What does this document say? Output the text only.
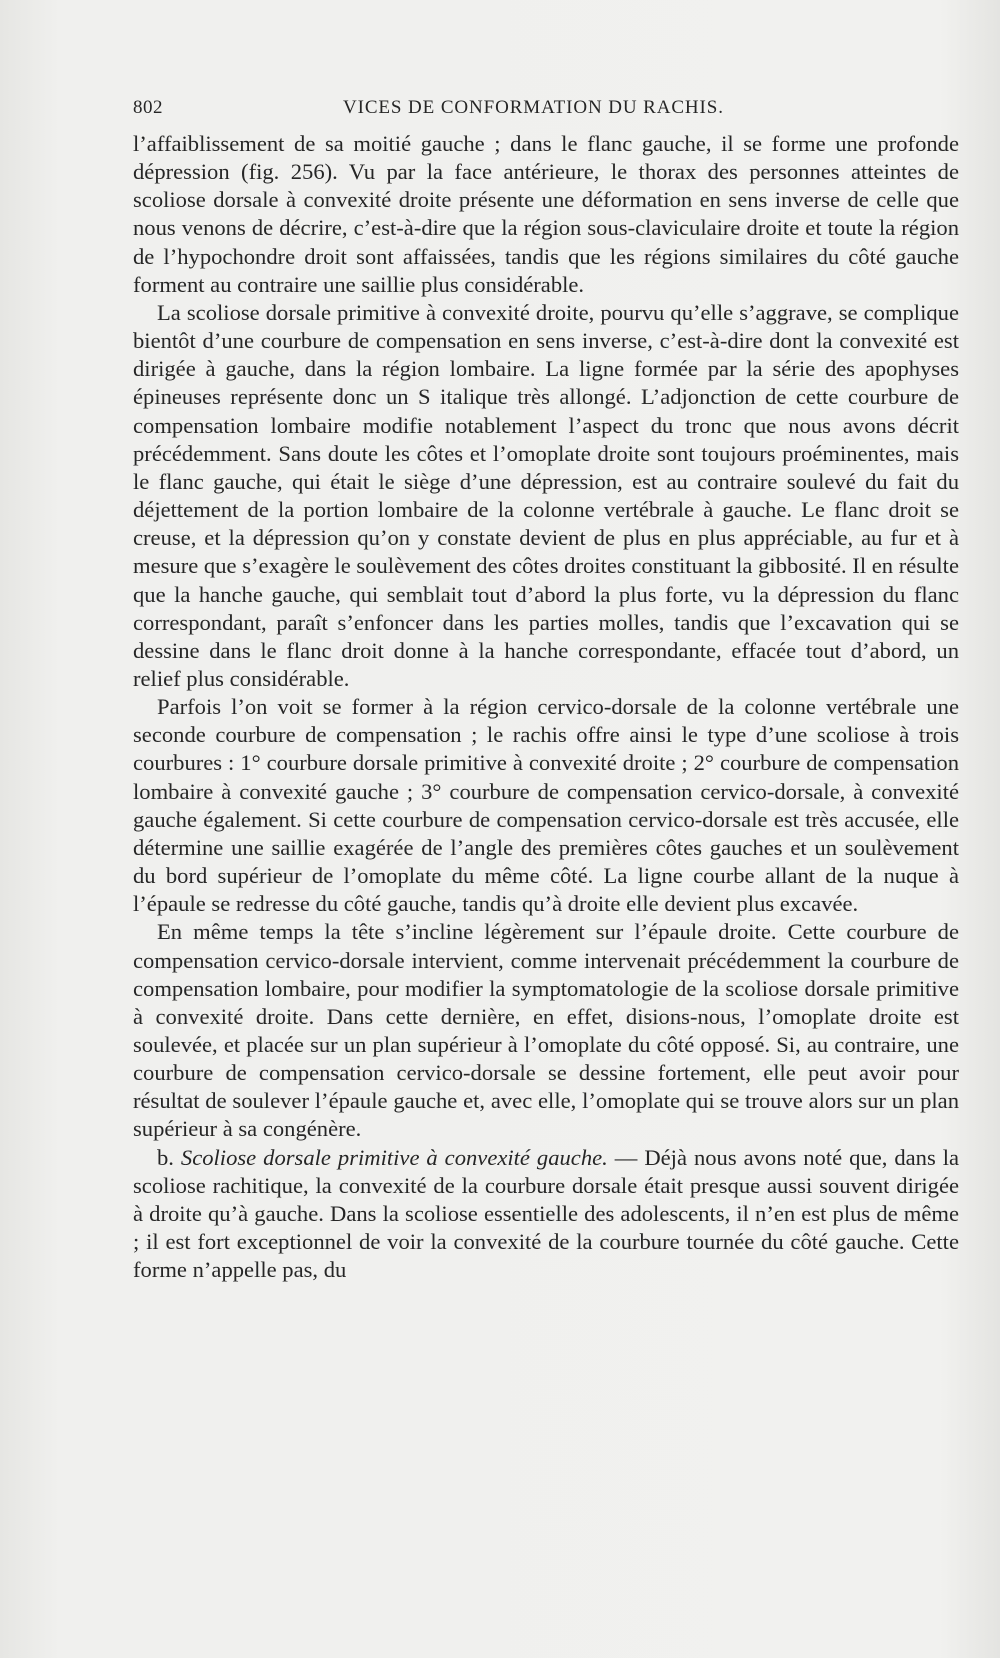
802	VICES DE CONFORMATION DU RACHIS.

l’affaiblissement de sa moitié gauche ; dans le flanc gauche, il se forme une profonde dépression (fig. 256). Vu par la face antérieure, le thorax des personnes atteintes de scoliose dorsale à convexité droite présente une déformation en sens inverse de celle que nous venons de décrire, c’est-à-dire que la région sous-claviculaire droite et toute la région de l’hypochondre droit sont affaissées, tandis que les régions similaires du côté gauche forment au contraire une saillie plus considérable.

La scoliose dorsale primitive à convexité droite, pourvu qu’elle s’aggrave, se complique bientôt d’une courbure de compensation en sens inverse, c’est-à-dire dont la convexité est dirigée à gauche, dans la région lombaire. La ligne formée par la série des apophyses épineuses représente donc un S italique très allongé. L’adjonction de cette courbure de compensation lombaire modifie notablement l’aspect du tronc que nous avons décrit précédemment. Sans doute les côtes et l’omoplate droite sont toujours proéminentes, mais le flanc gauche, qui était le siège d’une dépression, est au contraire soulevé du fait du déjettement de la portion lombaire de la colonne vertébrale à gauche. Le flanc droit se creuse, et la dépression qu’on y constate devient de plus en plus appréciable, au fur et à mesure que s’exagère le soulèvement des côtes droites constituant la gibbosité. Il en résulte que la hanche gauche, qui semblait tout d’abord la plus forte, vu la dépression du flanc correspondant, paraît s’enfoncer dans les parties molles, tandis que l’excavation qui se dessine dans le flanc droit donne à la hanche correspondante, effacée tout d’abord, un relief plus considérable.

Parfois l’on voit se former à la région cervico-dorsale de la colonne vertébrale une seconde courbure de compensation ; le rachis offre ainsi le type d’une scoliose à trois courbures : 1° courbure dorsale primitive à convexité droite ; 2° courbure de compensation lombaire à convexité gauche ; 3° courbure de compensation cervico-dorsale, à convexité gauche également. Si cette courbure de compensation cervico-dorsale est très accusée, elle détermine une saillie exagérée de l’angle des premières côtes gauches et un soulèvement du bord supérieur de l’omoplate du même côté. La ligne courbe allant de la nuque à l’épaule se redresse du côté gauche, tandis qu’à droite elle devient plus excavée.

En même temps la tête s’incline légèrement sur l’épaule droite. Cette courbure de compensation cervico-dorsale intervient, comme intervenait précédemment la courbure de compensation lombaire, pour modifier la symptomatologie de la scoliose dorsale primitive à convexité droite. Dans cette dernière, en effet, disions-nous, l’omoplate droite est soulevée, et placée sur un plan supérieur à l’omoplate du côté opposé. Si, au contraire, une courbure de compensation cervico-dorsale se dessine fortement, elle peut avoir pour résultat de soulever l’épaule gauche et, avec elle, l’omoplate qui se trouve alors sur un plan supérieur à sa congénère.

b. Scoliose dorsale primitive à convexité gauche. — Déjà nous avons noté que, dans la scoliose rachitique, la convexité de la courbure dorsale était presque aussi souvent dirigée à droite qu’à gauche. Dans la scoliose essentielle des adolescents, il n’en est plus de même ; il est fort exceptionnel de voir la convexité de la courbure tournée du côté gauche. Cette forme n’appelle pas, du
